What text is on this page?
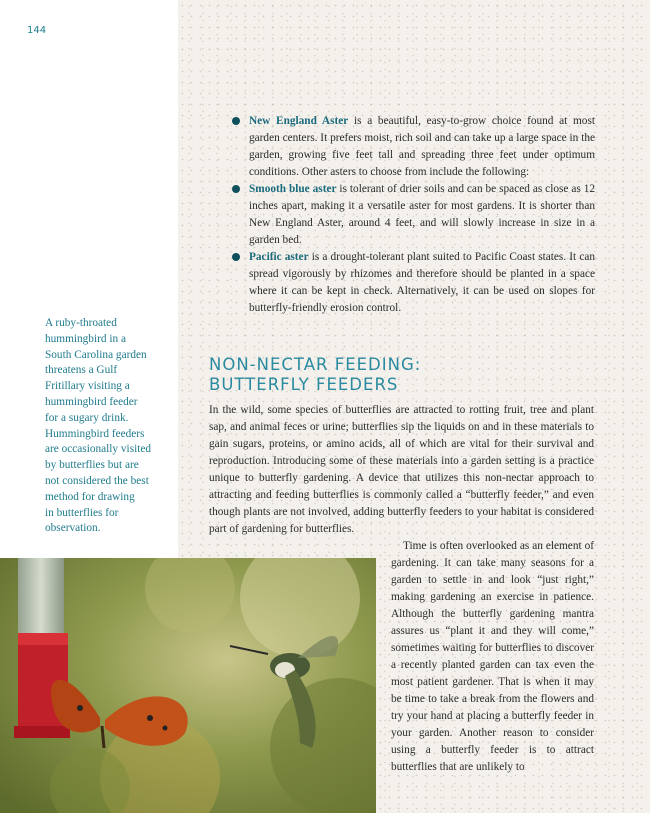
144
A ruby-throated
hummingbird in a
South Carolina garden
threatens a Gulf
Fritillary visiting a
hummingbird feeder
for a sugary drink.
Hummingbird feeders
are occasionally visited
by butterflies but are
not considered the best
method for drawing
in butterflies for
observation.

New England Aster is a beautiful, easy-to-grow choice found at most garden centers. It prefers moist, rich soil and can take up a large space in the garden, growing five feet tall and spreading three feet under optimum conditions. Other asters to choose from include the following:

Smooth blue aster is tolerant of drier soils and can be spaced as close as 12 inches apart, making it a versatile aster for most gardens. It is shorter than New England Aster, around 4 feet, and will slowly increase in size in a garden bed.

Pacific aster is a drought-tolerant plant suited to Pacific Coast states. It can spread vigorously by rhizomes and therefore should be planted in a space where it can be kept in check. Alternatively, it can be used on slopes for butterfly-friendly erosion control.

NON-NECTAR FEEDING:
BUTTERFLY FEEDERS

In the wild, some species of butterflies are attracted to rotting fruit, tree and plant sap, and animal feces or urine; butterflies sip the liquids on and in these materials to gain sugars, proteins, or amino acids, all of which are vital for their survival and reproduction. Introducing some of these materials into a garden setting is a practice unique to butterfly gardening. A device that utilizes this non-nectar approach to attracting and feeding butterflies is commonly called a “butterfly feeder,” and even though plants are not involved, adding butterfly feeders to your habitat is considered part of gardening for butterflies.

Time is often overlooked as an element of gardening. It can take many seasons for a garden to settle in and look “just right,” making gardening an exercise in patience. Although the butterfly gardening mantra assures us “plant it and they will come,” sometimes waiting for butterflies to discover a recently planted garden can tax even the most patient gardener. That is when it may be time to take a break from the flowers and try your hand at placing a butterfly feeder in your garden. Another reason to consider using a butterfly feeder is to attract butterflies that are unlikely to
